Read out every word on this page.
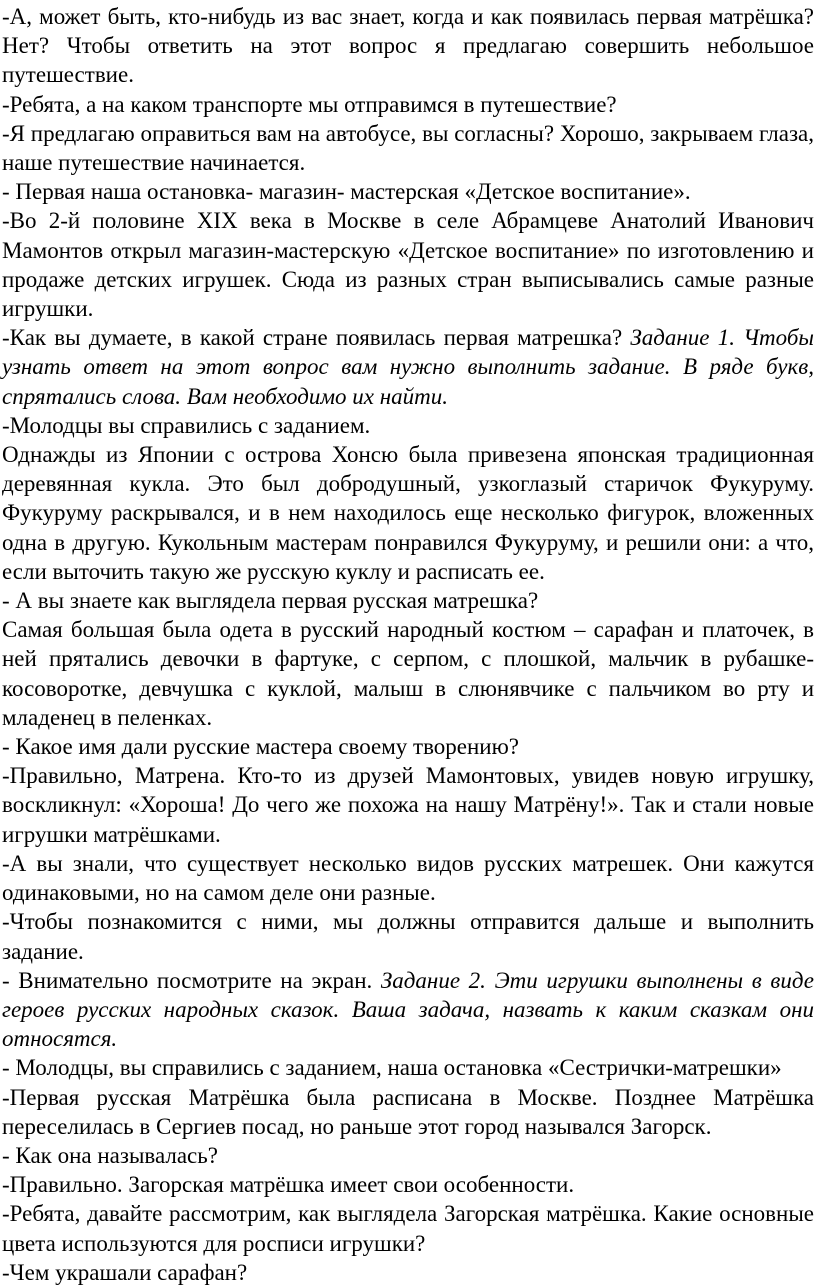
-А, может быть, кто-нибудь из вас знает, когда и как появилась первая матрёшка? Нет? Чтобы ответить на этот вопрос я предлагаю совершить небольшое путешествие.

-Ребята, а на каком транспорте мы отправимся в путешествие?

-Я предлагаю оправиться вам на автобусе, вы согласны? Хорошо, закрываем глаза, наше путешествие начинается.

- Первая наша остановка- магазин- мастерская «Детское воспитание».

-Во 2-й половине XIX века в Москве в селе Абрамцеве Анатолий Иванович Мамонтов открыл магазин-мастерскую «Детское воспитание» по изготовлению и продаже детских игрушек. Сюда из разных стран выписывались самые разные игрушки.

-Как вы думаете, в какой стране появилась первая матрешка? Задание 1. Чтобы узнать ответ на этот вопрос вам нужно выполнить задание. В ряде букв, спрятались слова. Вам необходимо их найти.

-Молодцы вы справились с заданием.

Однажды из Японии с острова Хонсю была привезена японская традиционная деревянная кукла. Это был добродушный, узкоглазый старичок Фукуруму. Фукуруму раскрывался, и в нем находилось еще несколько фигурок, вложенных одна в другую. Кукольным мастерам понравился Фукуруму, и решили они: а что, если выточить такую же русскую куклу и расписать ее.

- А вы знаете как выглядела первая русская матрешка?

Самая большая была одета в русский народный костюм – сарафан и платочек, в ней прятались девочки в фартуке, с серпом, с плошкой, мальчик в рубашке-косоворотке, девчушка с куклой, малыш в слюнявчике с пальчиком во рту и младенец в пеленках.

- Какое имя дали русские мастера своему творению?

-Правильно, Матрена. Кто-то из друзей Мамонтовых, увидев новую игрушку, воскликнул: «Хороша! До чего же похожа на нашу Матрёну!». Так и стали новые игрушки матрёшками.

-А вы знали, что существует несколько видов русских матрешек. Они кажутся одинаковыми, но на самом деле они разные.

-Чтобы познакомится с ними, мы должны отправится дальше и выполнить задание.

- Внимательно посмотрите на экран. Задание 2. Эти игрушки выполнены в виде героев русских народных сказок. Ваша задача, назвать к каким сказкам они относятся.

- Молодцы, вы справились с заданием, наша остановка «Сестрички-матрешки»

-Первая русская Матрёшка была расписана в Москве. Позднее Матрёшка переселилась в Сергиев посад, но раньше этот город назывался Загорск.

- Как она называлась?

-Правильно. Загорская матрёшка имеет свои особенности.

-Ребята, давайте рассмотрим, как выглядела Загорская матрёшка. Какие основные цвета используются для росписи игрушки?

-Чем украшали сарафан?
